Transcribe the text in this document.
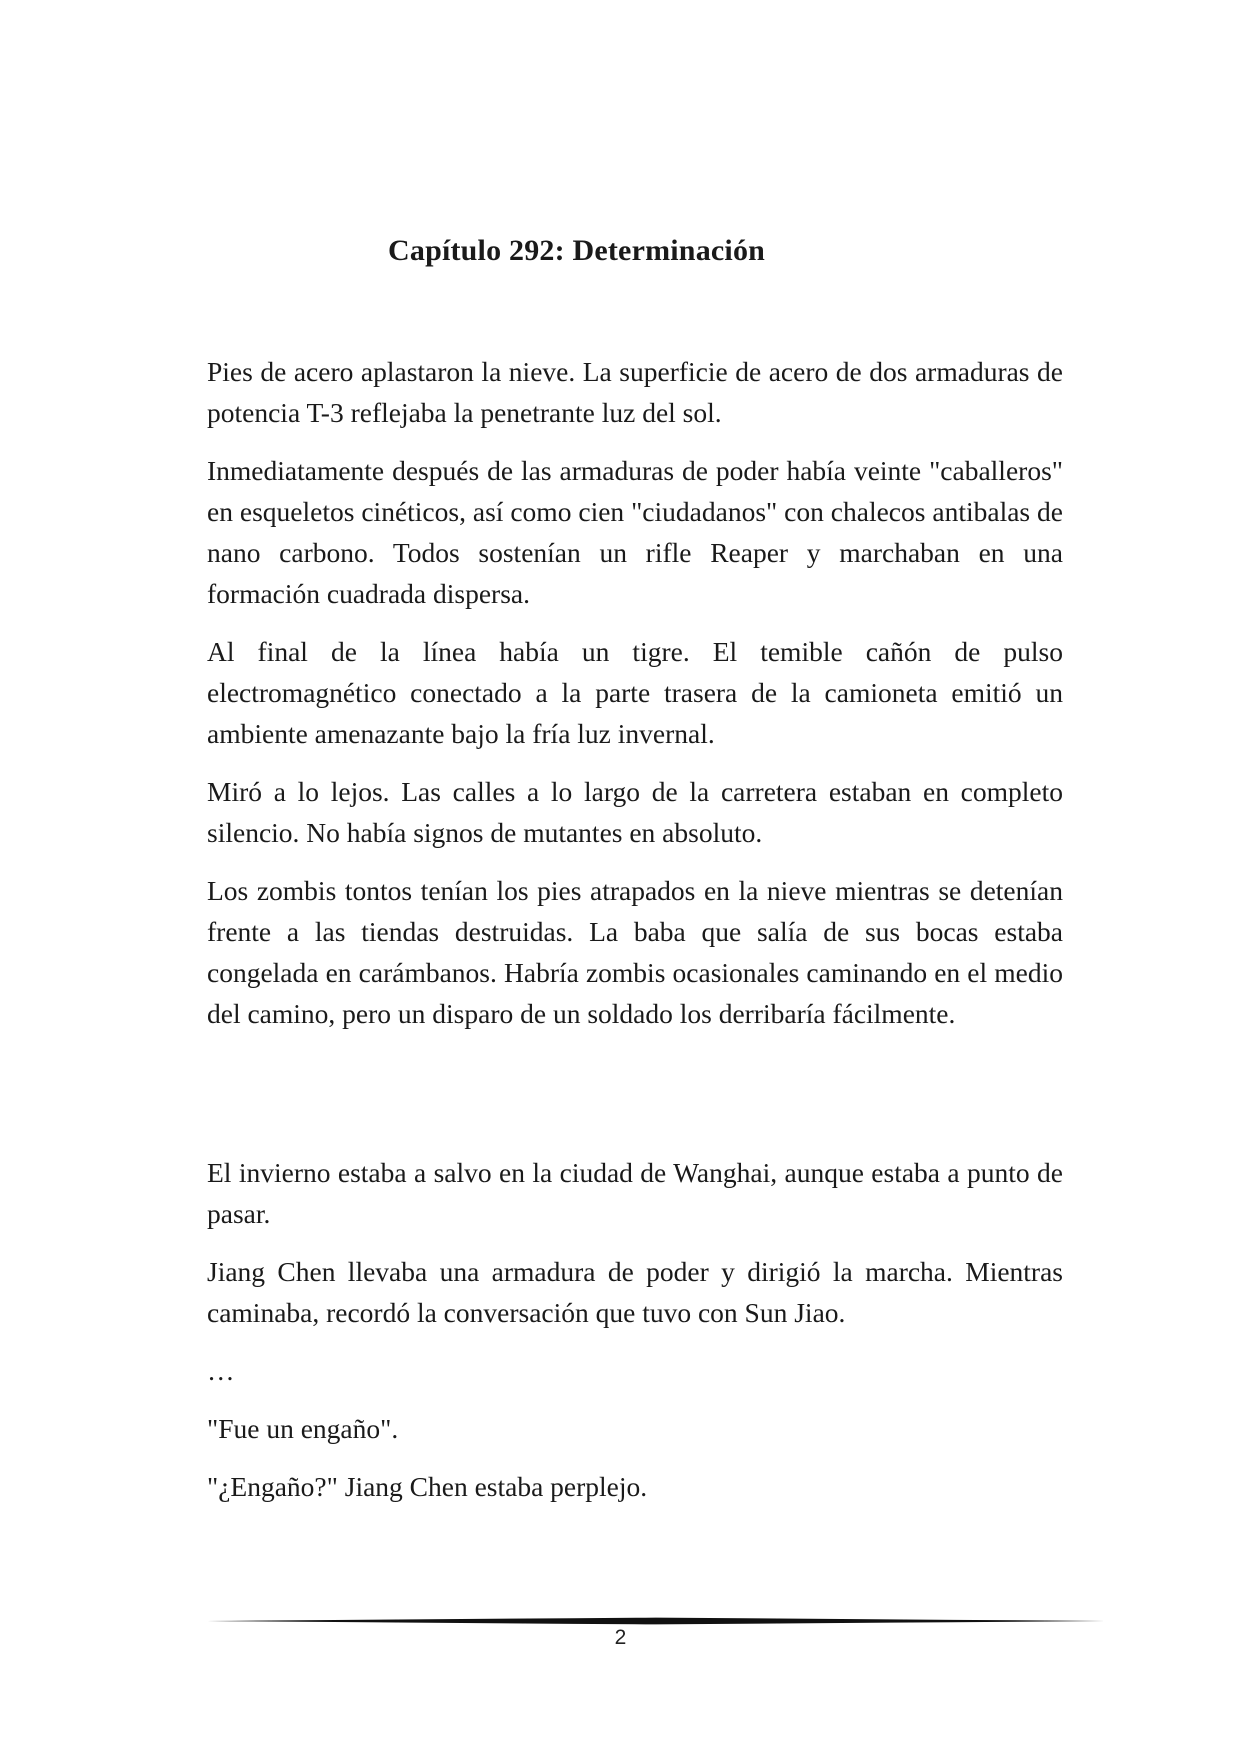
Capítulo 292: Determinación

Pies de acero aplastaron la nieve. La superficie de acero de dos armaduras de potencia T-3 reflejaba la penetrante luz del sol.

Inmediatamente después de las armaduras de poder había veinte "caballeros" en esqueletos cinéticos, así como cien "ciudadanos" con chalecos antibalas de nano carbono. Todos sostenían un rifle Reaper y marchaban en una formación cuadrada dispersa.

Al final de la línea había un tigre. El temible cañón de pulso electromagnético conectado a la parte trasera de la camioneta emitió un ambiente amenazante bajo la fría luz invernal.

Miró a lo lejos. Las calles a lo largo de la carretera estaban en completo silencio. No había signos de mutantes en absoluto.

Los zombis tontos tenían los pies atrapados en la nieve mientras se detenían frente a las tiendas destruidas. La baba que salía de sus bocas estaba congelada en carámbanos. Habría zombis ocasionales caminando en el medio del camino, pero un disparo de un soldado los derribaría fácilmente.

El invierno estaba a salvo en la ciudad de Wanghai, aunque estaba a punto de pasar.

Jiang Chen llevaba una armadura de poder y dirigió la marcha. Mientras caminaba, recordó la conversación que tuvo con Sun Jiao.

…

"Fue un engaño".

"¿Engaño?" Jiang Chen estaba perplejo.

2
